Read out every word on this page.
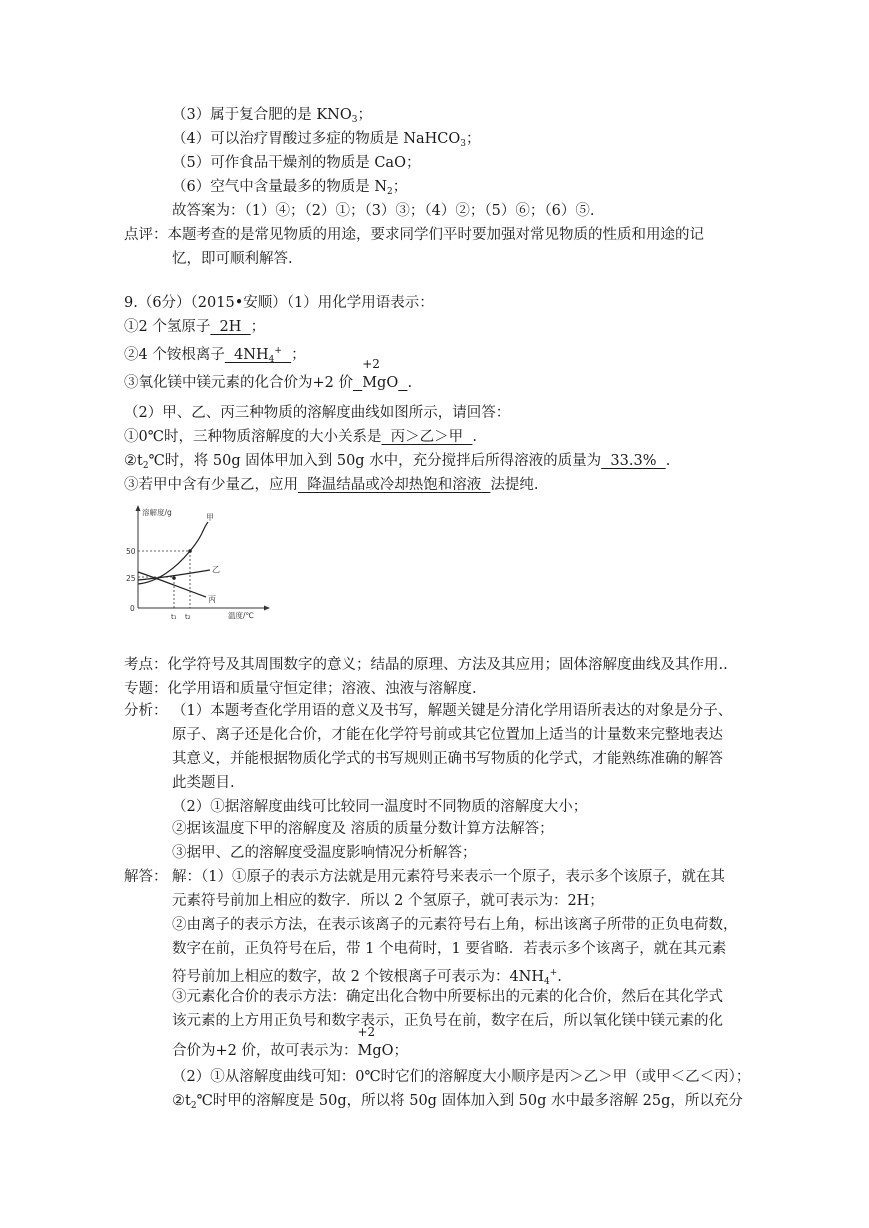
（3）属于复合肥的是 $KNO_3$；
（4）可以治疗胃酸过多症的物质是 NaHCO$_3$；
（5）可作食品干燥剂的物质是 CaO；
（6）空气中含量最多的物质是 $N_2$；
故答案为：（1）④；（2）①；（3）③；（4）②；（5）⑥；（6）⑤.
点评：本题考查的是常见物质的用途，要求同学们平时要加强对常见物质的性质和用途的记
忆，即可顺利解答.
9.（6分）（2015•安顺）（1）用化学用语表示：
①2 个氢原子  2H  ；
②4 个铵根离子  $4NH_4^+$ ；
③氧化镁中镁元素的化合价为+2 价
+2
MgO .
（2）甲、乙、丙三种物质的溶解度曲线如图所示，请回答：
①0℃时，三种物质溶解度的大小关系是  丙＞乙＞甲  .
$②t_2℃$时，将 50g 固体甲加入到 50g 水中，充分搅拌后所得溶液的质量为  33.3%  .
③若甲中含有少量乙，应用  降温结晶或冷却热饱和溶液  法提纯.
溶解度/g
温度/℃
50
25
0
t₁ t₂
甲
乙
丙
考点：化学符号及其周围数字的意义；结晶的原理、方法及其应用；固体溶解度曲线及其作用..
专题：化学用语和质量守恒定律；溶液、浊液与溶解度.
分析： （1）本题考查化学用语的意义及书写，解题关键是分清化学用语所表达的对象是分子、
原子、离子还是化合价，才能在化学符号前或其它位置加上适当的计量数来完整地表达
其意义，并能根据物质化学式的书写规则正确书写物质的化学式，才能熟练准确的解答
此类题目.
（2）①据溶解度曲线可比较同一温度时不同物质的溶解度大小；
②据该温度下甲的溶解度及 溶质的质量分数计算方法解答；
③据甲、乙的溶解度受温度影响情况分析解答；
解答： 解：（1）①原子的表示方法就是用元素符号来表示一个原子，表示多个该原子，就在其
元素符号前加上相应的数字．所以 2 个氢原子，就可表示为：2H；
②由离子的表示方法，在表示该离子的元素符号右上角，标出该离子所带的正负电荷数，
数字在前，正负符号在后，带 1 个电荷时，1 要省略．若表示多个该离子，就在其元素
符号前加上相应的数字，故 2 个铵根离子可表示为：$4NH_4^+$.
③元素化合价的表示方法：确定出化合物中所要标出的元素的化合价，然后在其化学式
该元素的上方用正负号和数字表示，正负号在前，数字在后，所以氧化镁中镁元素的化
合价为+2 价，故可表示为：
+2
MgO；
（2）①从溶解度曲线可知：0℃时它们的溶解度大小顺序是丙＞乙＞甲（或甲＜乙＜丙）；
$②t_2℃$时甲的溶解度是 50g，所以将 50g 固体加入到 50g 水中最多溶解 25g，所以充分
